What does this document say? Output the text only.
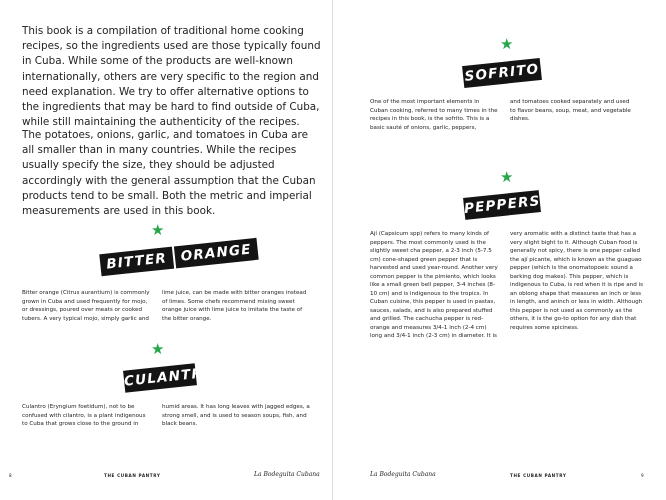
This book is a compilation of traditional home cooking recipes, so the ingredients used are those typically found in Cuba. While some of the products are well-known internationally, others are very specific to the region and need explanation. We try to offer alternative options to the ingredients that may be hard to find outside of Cuba, while still maintaining the authenticity of the recipes.

The potatoes, onions, garlic, and tomatoes in Cuba are all smaller than in many countries. While the recipes usually specify the size, they should be adjusted accordingly with the general assumption that the Cuban products tend to be small. Both the metric and imperial measurements are used in this book.

★
BITTER ORANGE

Bitter orange (Citrus aurantium) is commonly grown in Cuba and used frequently for mojo, or dressings, poured over meats or cooked tubers. A very typical mojo, simply garlic and

lime juice, can be made with bitter oranges instead of limes. Some chefs recommend mixing sweet orange juice with lime juice to imitate the taste of the bitter orange.

★
CULANTRO

Culantro (Eryngium foetidum), not to be confused with cilantro, is a plant indigenous to Cuba that grows close to the ground in

humid areas. It has long leaves with jagged edges, a strong smell, and is used to season soups, fish, and black beans.

8	THE CUBAN PANTRY	La Bodeguita Cubana
★
SOFRITO

One of the most important elements in Cuban cooking, referred to many times in the recipes in this book, is the sofrito. This is a basic sauté of onions, garlic, peppers,

and tomatoes cooked separately and used to flavor beans, soup, meat, and vegetable dishes.

★
PEPPERS

Ají (Capsicum spp) refers to many kinds of peppers. The most commonly used is the slightly sweet cha pepper, a 2-3 inch (5-7.5 cm) cone-shaped green pepper that is harvested and used year-round. Another very common pepper is the pimiento, which looks like a small green bell pepper, 3-4 inches (8-10 cm) and is indigenous to the tropics. In Cuban cuisine, this pepper is used in pastas, sauces, salads, and is also prepared stuffed and grilled. The cachucha pepper is red-orange and measures 3/4-1 inch (2-4 cm) long and 3/4-1 inch (2-3 cm) in diameter. It is

very aromatic with a distinct taste that has a very slight bight to it. Although Cuban food is generally not spicy, there is one pepper called the ají picante, which is known as the guaguao pepper (which is the onomatopoeic sound a barking dog makes). This pepper, which is indigenous to Cuba, is red when it is ripe and is an oblong shape that measures an inch or less in length, and aninch or less in width. Although this pepper is not used as commonly as the others, it is the go-to option for any dish that requires some spiciness.

La Bodeguita Cubana	THE CUBAN PANTRY	9
